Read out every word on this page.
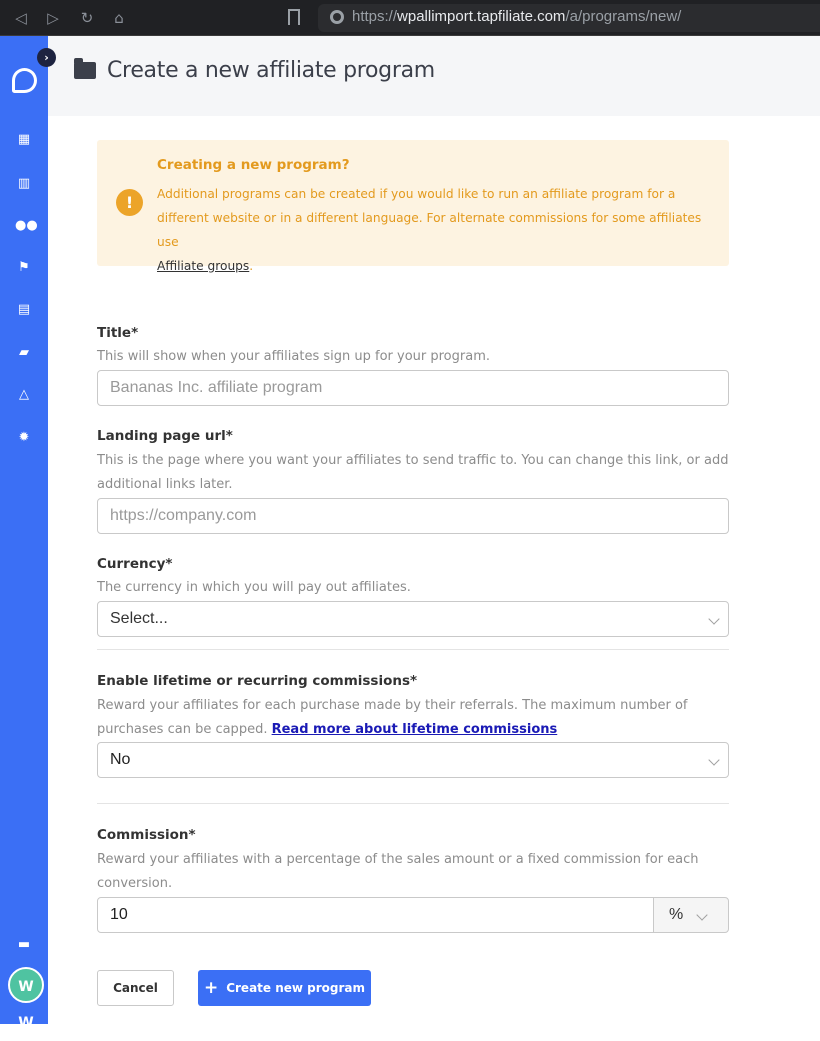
◁ ▷ ↻ ⌂	https://wpallimport.tapfiliate.com/a/programs/new/
›
▦
▥
●●
⚑
▤
▰
△
✹
▬
W W
Create a new affiliate program
!
Creating a new program?
Additional programs can be created if you would like to run an affiliate program for a different website or in a different language. For alternate commissions for some affiliates use
Affiliate groups.
Title*
This will show when your affiliates sign up for your program.
Bananas Inc. affiliate program
Landing page url*
This is the page where you want your affiliates to send traffic to. You can change this link, or add additional links later.
https://company.com
Currency*
The currency in which you will pay out affiliates.
Select...
Enable lifetime or recurring commissions*
Reward your affiliates for each purchase made by their referrals. The maximum number of purchases can be capped. Read more about lifetime commissions
No
Commission*
Reward your affiliates with a percentage of the sales amount or a fixed commission for each conversion.
10	%
Cancel	+ Create new program
